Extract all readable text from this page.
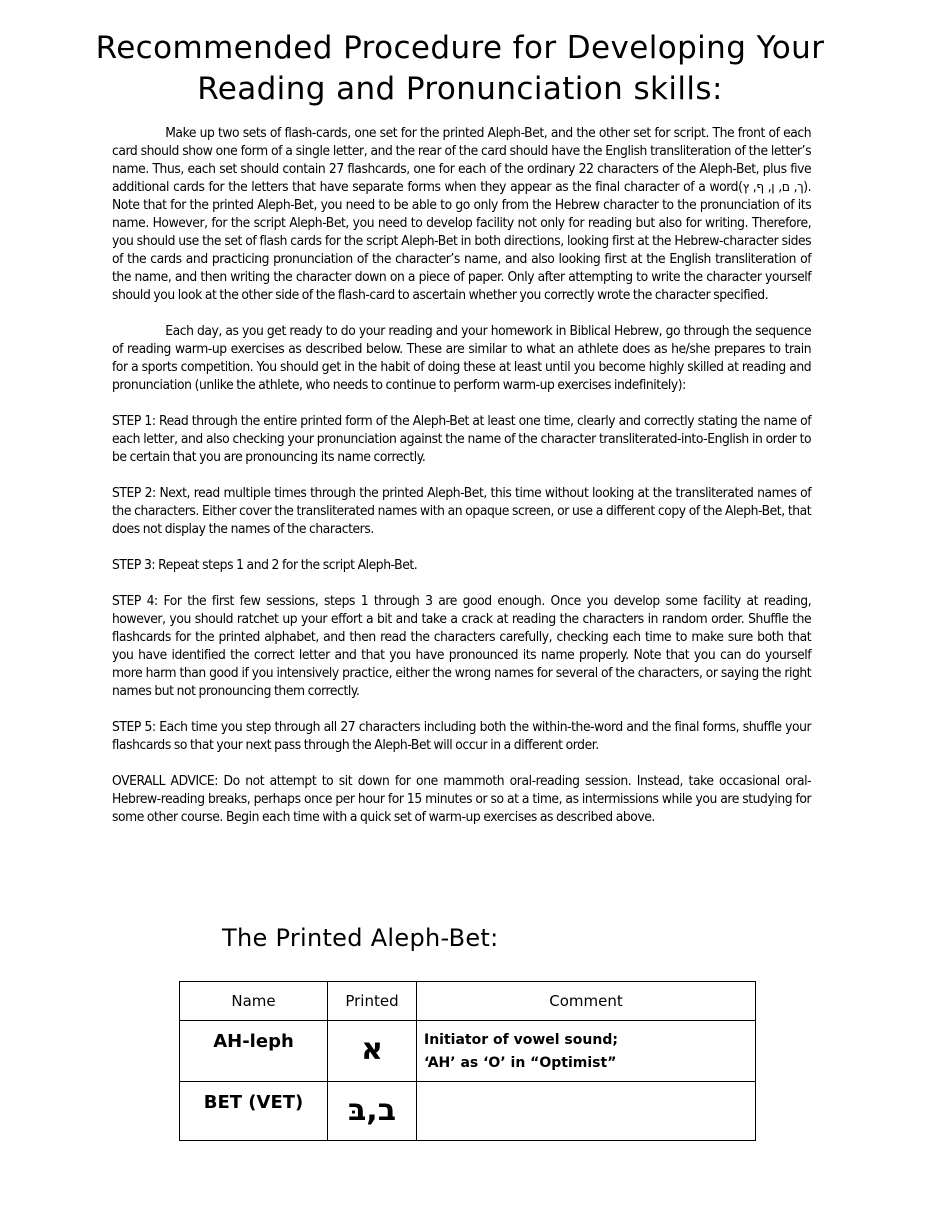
Recommended Procedure for Developing Your
Reading and Pronunciation skills:

Make up two sets of flash-cards, one set for the printed Aleph-Bet, and the other set for script. The front of each card should show one form of a single letter, and the rear of the card should have the English transliteration of the letter’s name. Thus, each set should contain 27 flashcards, one for each of the ordinary 22 characters of the Aleph-Bet, plus five additional cards for the letters that have separate forms when they appear as the final character of a word(ך, ם, ן, ף, ץ). Note that for the printed Aleph-Bet, you need to be able to go only from the Hebrew character to the pronunciation of its name. However, for the script Aleph-Bet, you need to develop facility not only for reading but also for writing. Therefore, you should use the set of flash cards for the script Aleph-Bet in both directions, looking first at the Hebrew-character sides of the cards and practicing pronunciation of the character’s name, and also looking first at the English transliteration of the name, and then writing the character down on a piece of paper. Only after attempting to write the character yourself should you look at the other side of the flash-card to ascertain whether you correctly wrote the character specified.

Each day, as you get ready to do your reading and your homework in Biblical Hebrew, go through the sequence of reading warm-up exercises as described below. These are similar to what an athlete does as he/she prepares to train for a sports competition. You should get in the habit of doing these at least until you become highly skilled at reading and pronunciation (unlike the athlete, who needs to continue to perform warm-up exercises indefinitely):

STEP 1: Read through the entire printed form of the Aleph-Bet at least one time, clearly and correctly stating the name of each letter, and also checking your pronunciation against the name of the character transliterated-into-English in order to be certain that you are pronouncing its name correctly.

STEP 2: Next, read multiple times through the printed Aleph-Bet, this time without looking at the transliterated names of the characters. Either cover the transliterated names with an opaque screen, or use a different copy of the Aleph-Bet, that does not display the names of the characters.

STEP 3: Repeat steps 1 and 2 for the script Aleph-Bet.

STEP 4: For the first few sessions, steps 1 through 3 are good enough. Once you develop some facility at reading, however, you should ratchet up your effort a bit and take a crack at reading the characters in random order. Shuffle the flashcards for the printed alphabet, and then read the characters carefully, checking each time to make sure both that you have identified the correct letter and that you have pronounced its name properly. Note that you can do yourself more harm than good if you intensively practice, either the wrong names for several of the characters, or saying the right names but not pronouncing them correctly.

STEP 5: Each time you step through all 27 characters including both the within-the-word and the final forms, shuffle your flashcards so that your next pass through the Aleph-Bet will occur in a different order.

OVERALL ADVICE: Do not attempt to sit down for one mammoth oral-reading session. Instead, take occasional oral-Hebrew-reading breaks, perhaps once per hour for 15 minutes or so at a time, as intermissions while you are studying for some other course. Begin each time with a quick set of warm-up exercises as described above.

The Printed Aleph-Bet:
Name	Printed	Comment
AH-leph	א	Initiator of vowel sound;
‘AH’ as ‘O’ in “Optimist”
BET (VET)	ב,בּ	
